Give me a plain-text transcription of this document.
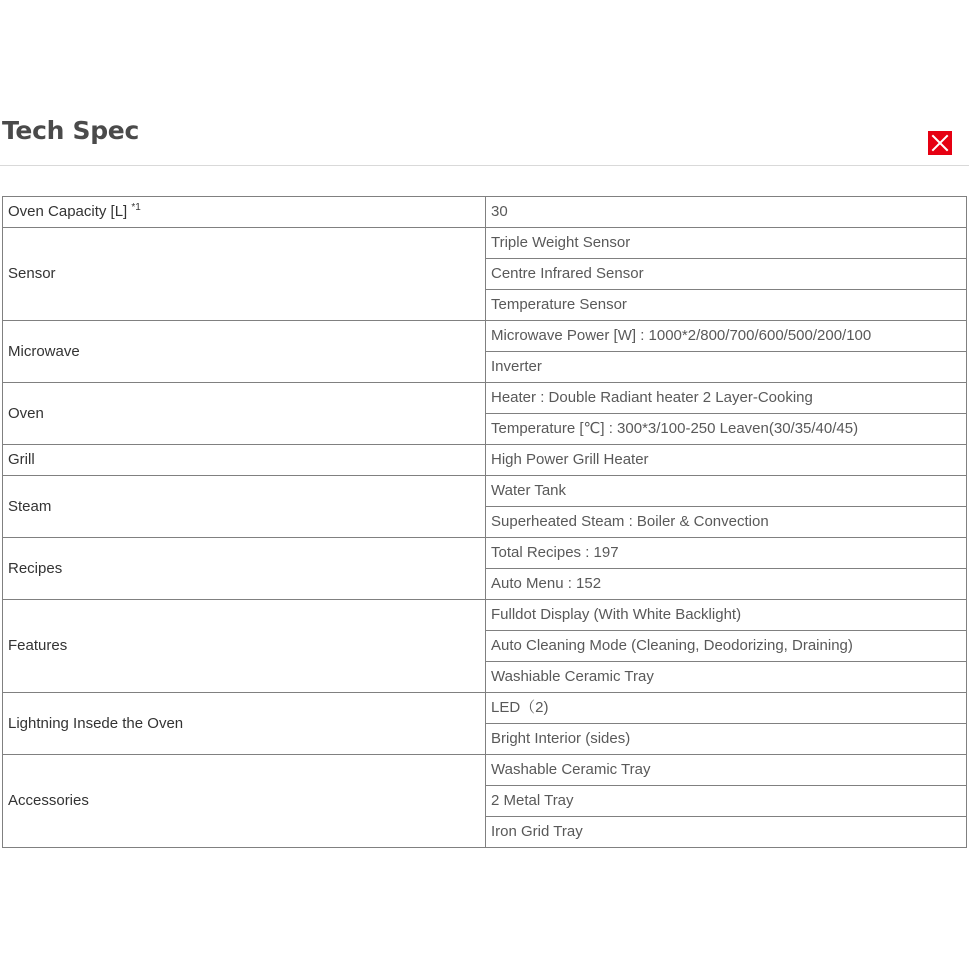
Tech Spec
Oven Capacity [L] $^{*1}$	30
Sensor	Triple Weight Sensor
	Centre Infrared Sensor
	Temperature Sensor
Microwave	Microwave Power [W] : 1000*2/800/700/600/500/200/100
	Inverter
Oven	Heater : Double Radiant heater 2 Layer-Cooking
	Temperature [℃] : 300*3/100-250 Leaven(30/35/40/45)
Grill	High Power Grill Heater
Steam	Water Tank
	Superheated Steam : Boiler & Convection
Recipes	Total Recipes : 197
	Auto Menu : 152
Features	Fulldot Display (With White Backlight)
	Auto Cleaning Mode (Cleaning, Deodorizing, Draining)
	Washiable Ceramic Tray
Lightning Insede the Oven	LED（2)
	Bright Interior (sides)
Accessories	Washable Ceramic Tray
	2 Metal Tray
	Iron Grid Tray
